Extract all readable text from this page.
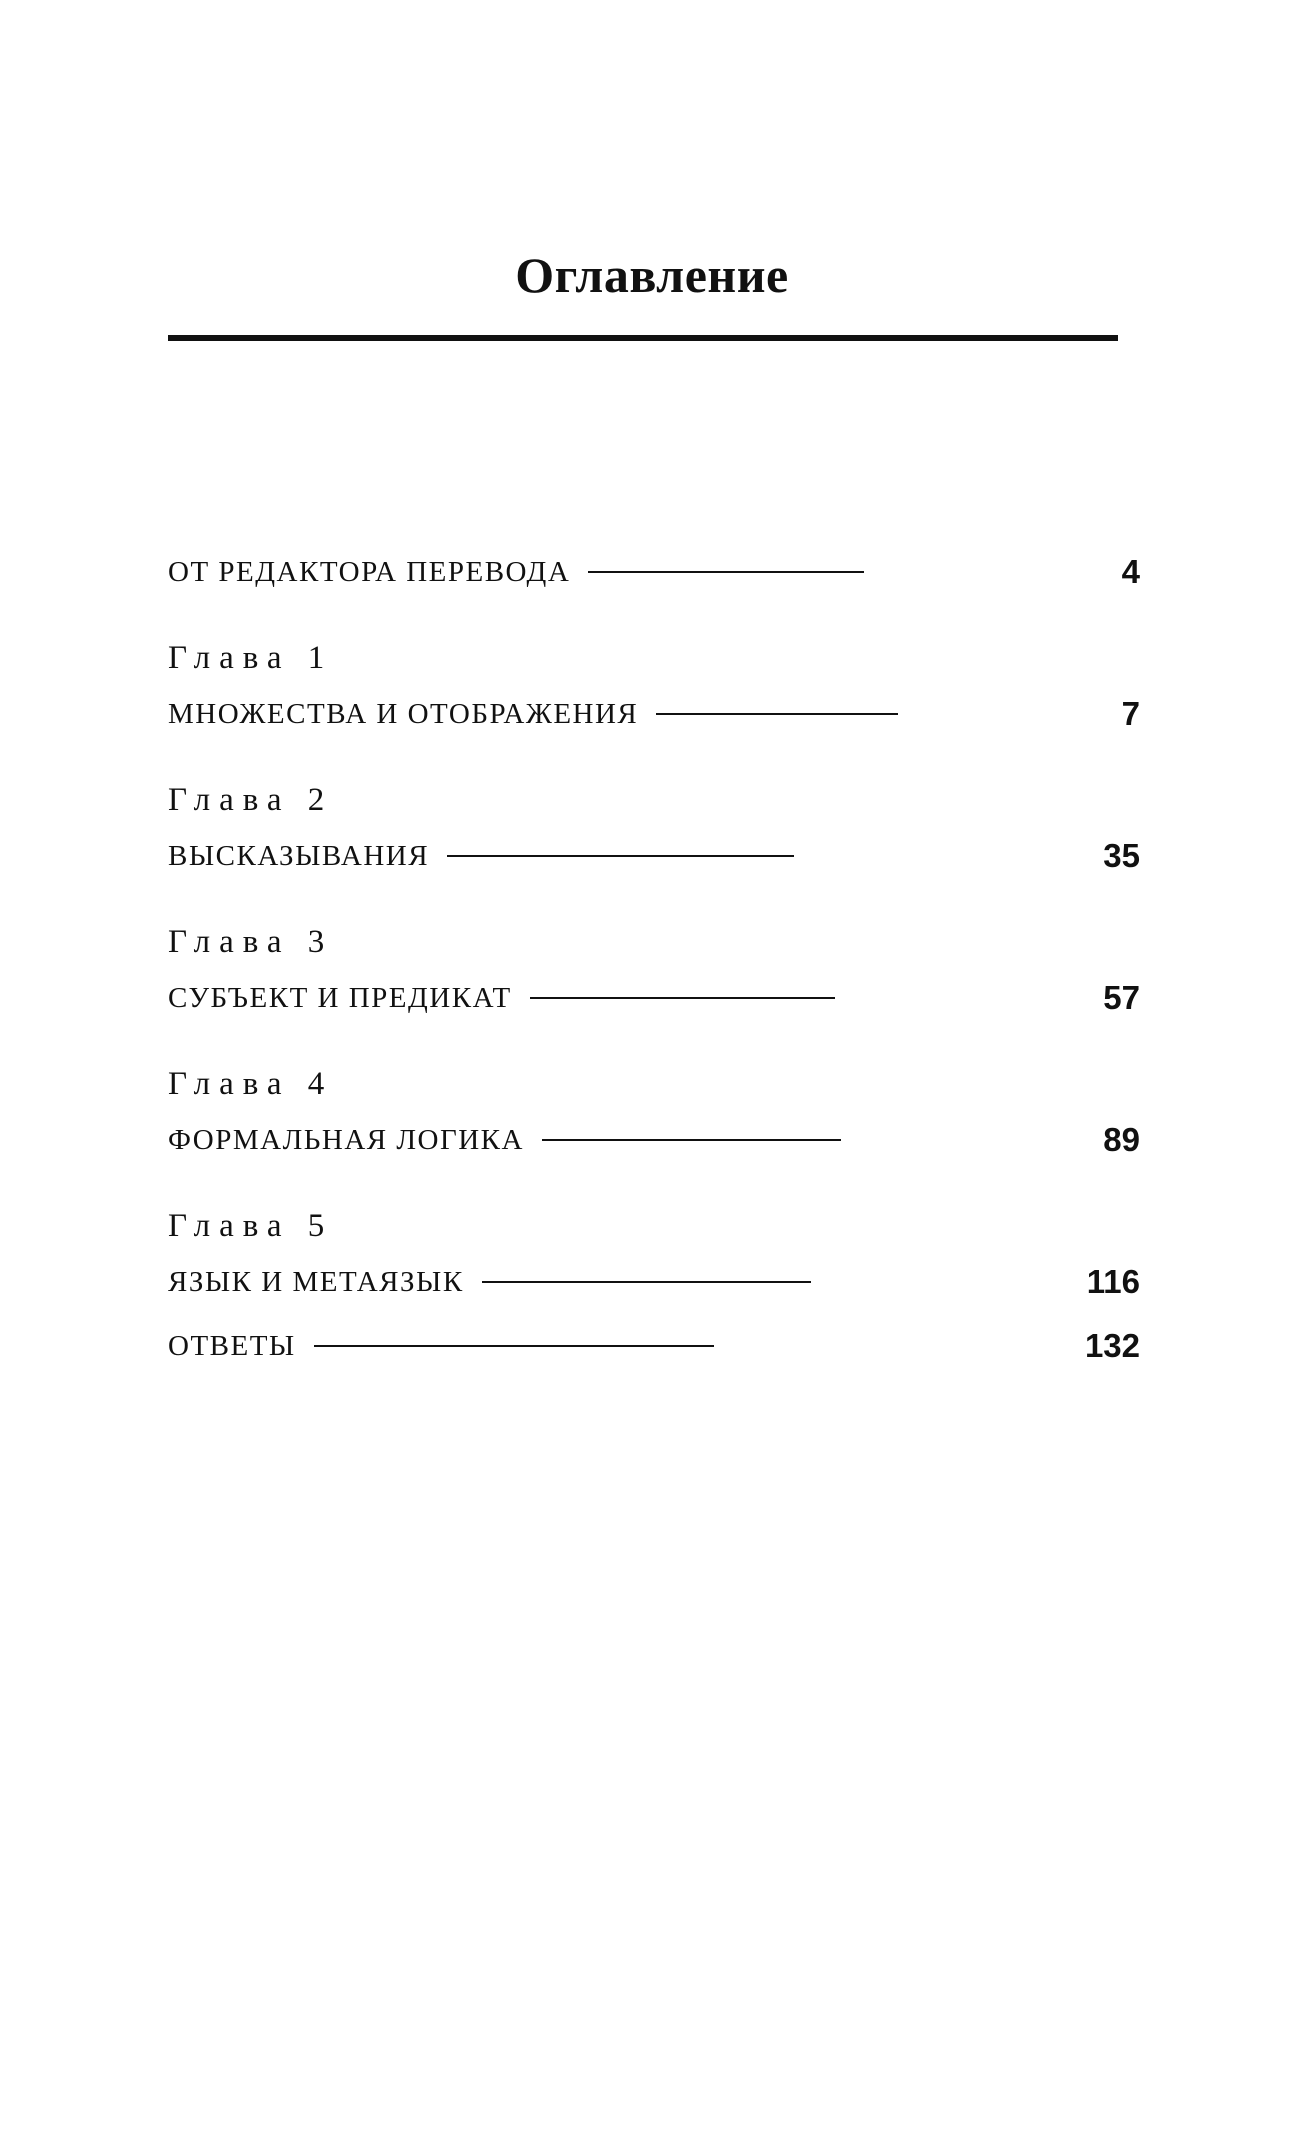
Оглавление
ОТ РЕДАКТОРА ПЕРЕВОДА	4
Глава 1
МНОЖЕСТВА И ОТОБРАЖЕНИЯ	7
Глава 2
ВЫСКАЗЫВАНИЯ	35
Глава 3
СУБЪЕКТ И ПРЕДИКАТ	57
Глава 4
ФОРМАЛЬНАЯ ЛОГИКА	89
Глава 5
ЯЗЫК И МЕТАЯЗЫК	116
ОТВЕТЫ	132
